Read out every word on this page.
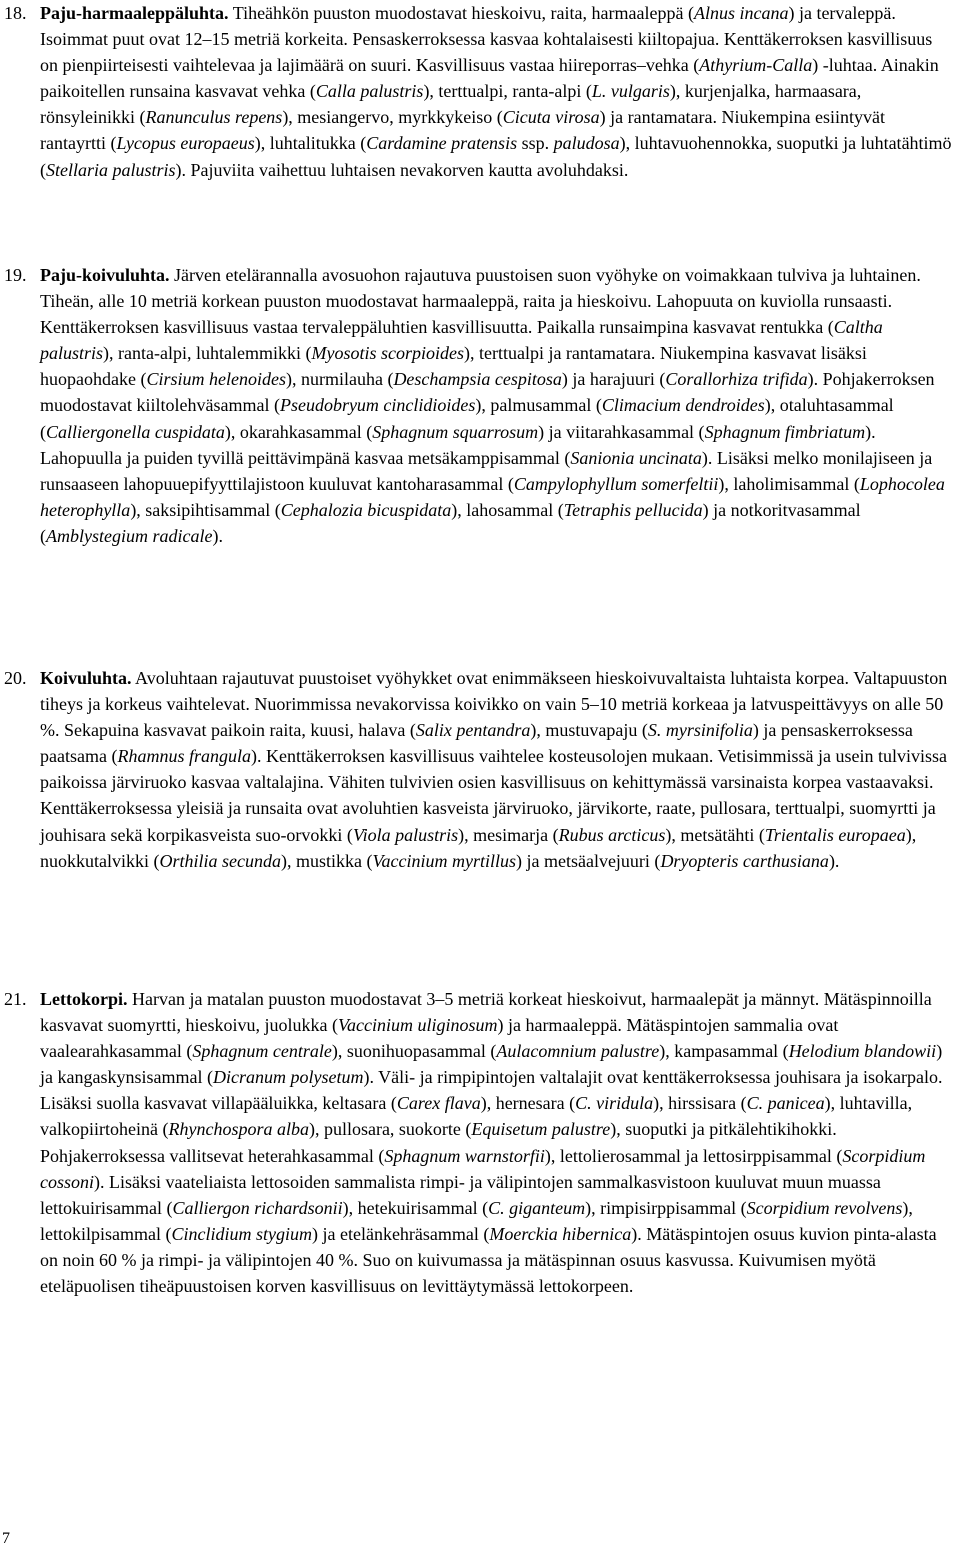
18. Paju-harmaaleppäluhta. Tiheähkön puuston muodostavat hieskoivu, raita, harmaaleppä (Alnus incana) ja tervaleppä. Isoimmat puut ovat 12–15 metriä korkeita. Pensaskerroksessa kasvaa kohtalaisesti kiiltopajua. Kenttäkerroksen kasvillisuus on pienpiirteisesti vaihtelevaa ja lajimäärä on suuri. Kasvillisuus vastaa hiireporras–vehka (Athyrium-Calla) -luhtaa. Ainakin paikoitellen runsaina kasvavat vehka (Calla palustris), terttualpi, ranta-alpi (L. vulgaris), kurjenjalka, harmaasara, rönsyleinikki (Ranunculus repens), mesiangervo, myrkkykeiso (Cicuta virosa) ja rantamatara. Niukempina esiintyvät rantayrtti (Lycopus europaeus), luhtalitukka (Cardamine pratensis ssp. paludosa), luhtavuohennokka, suoputki ja luhtatähtimö (Stellaria palustris). Pajuviita vaihettuu luhtaisen nevakorven kautta avoluhdaksi.

19. Paju-koivuluhta. Järven etelärannalla avosuohon rajautuva puustoisen suon vyöhyke on voimakkaan tulviva ja luhtainen. Tiheän, alle 10 metriä korkean puuston muodostavat harmaaleppä, raita ja hieskoivu. Lahopuuta on kuviolla runsaasti. Kenttäkerroksen kasvillisuus vastaa tervaleppäluhtien kasvillisuutta. Paikalla runsaimpina kasvavat rentukka (Caltha palustris), ranta-alpi, luhtalemmikki (Myosotis scorpioides), terttualpi ja rantamatara. Niukempina kasvavat lisäksi huopaohdake (Cirsium helenoides), nurmilauha (Deschampsia cespitosa) ja harajuuri (Corallorhiza trifida). Pohjakerroksen muodostavat kiiltolehväsammal (Pseudobryum cinclidioides), palmusammal (Climacium dendroides), otaluhtasammal (Calliergonella cuspidata), okarahkasammal (Sphagnum squarrosum) ja viitarahkasammal (Sphagnum fimbriatum). Lahopuulla ja puiden tyvillä peittävimpänä kasvaa metsäkamppisammal (Sanionia uncinata). Lisäksi melko monilajiseen ja runsaaseen lahopuuepifyyttilajistoon kuuluvat kantoharasammal (Campylophyllum somerfeltii), laholimisammal (Lophocolea heterophylla), saksipihtisammal (Cephalozia bicuspidata), lahosammal (Tetraphis pellucida) ja notkoritvasammal (Amblystegium radicale).

20. Koivuluhta. Avoluhtaan rajautuvat puustoiset vyöhykket ovat enimmäkseen hieskoivuvaltaista luhtaista korpea. Valtapuuston tiheys ja korkeus vaihtelevat. Nuorimmissa nevakorvissa koivikko on vain 5–10 metriä korkeaa ja latvuspeittävyys on alle 50 %. Sekapuina kasvavat paikoin raita, kuusi, halava (Salix pentandra), mustuvapaju (S. myrsinifolia) ja pensaskerroksessa paatsama (Rhamnus frangula). Kenttäkerroksen kasvillisuus vaihtelee kosteusolojen mukaan. Vetisimmissä ja usein tulvivissa paikoissa järviruoko kasvaa valtalajina. Vähiten tulvivien osien kasvillisuus on kehittymässä varsinaista korpea vastaavaksi. Kenttäkerroksessa yleisiä ja runsaita ovat avoluhtien kasveista järviruoko, järvikorte, raate, pullosara, terttualpi, suomyrtti ja jouhisara sekä korpikasveista suo-orvokki (Viola palustris), mesimarja (Rubus arcticus), metsätähti (Trientalis europaea), nuokkutalvikki (Orthilia secunda), mustikka (Vaccinium myrtillus) ja metsäalvejuuri (Dryopteris carthusiana).

21. Lettokorpi. Harvan ja matalan puuston muodostavat 3–5 metriä korkeat hieskoivut, harmaalepät ja männyt. Mätäspinnoilla kasvavat suomyrtti, hieskoivu, juolukka (Vaccinium uliginosum) ja harmaaleppä. Mätäspintojen sammalia ovat vaalearahkasammal (Sphagnum centrale), suonihuopasammal (Aulacomnium palustre), kampasammal (Helodium blandowii) ja kangaskynsisammal (Dicranum polysetum). Väli- ja rimpipintojen valtalajit ovat kenttäkerroksessa jouhisara ja isokarpalo. Lisäksi suolla kasvavat villapääluikka, keltasara (Carex flava), hernesara (C. viridula), hirssisara (C. panicea), luhtavilla, valkopiirtoheinä (Rhynchospora alba), pullosara, suokorte (Equisetum palustre), suoputki ja pitkälehtikihokki. Pohjakerroksessa vallitsevat heterahkasammal (Sphagnum warnstorfii), lettolierosammal ja lettosirppisammal (Scorpidium cossoni). Lisäksi vaateliaista lettosoiden sammalista rimpi- ja välipintojen sammalkasvistoon kuuluvat muun muassa lettokuirisammal (Calliergon richardsonii), hetekuirisammal (C. giganteum), rimpisirppisammal (Scorpidium revolvens), lettokilpisammal (Cinclidium stygium) ja etelänkehräsammal (Moerckia hibernica). Mätäspintojen osuus kuvion pinta-alasta on noin 60 % ja rimpi- ja välipintojen 40 %. Suo on kuivumassa ja mätäspinnan osuus kasvussa. Kuivumisen myötä eteläpuolisen tiheäpuustoisen korven kasvillisuus on levittäytymässä lettokorpeen.

7
